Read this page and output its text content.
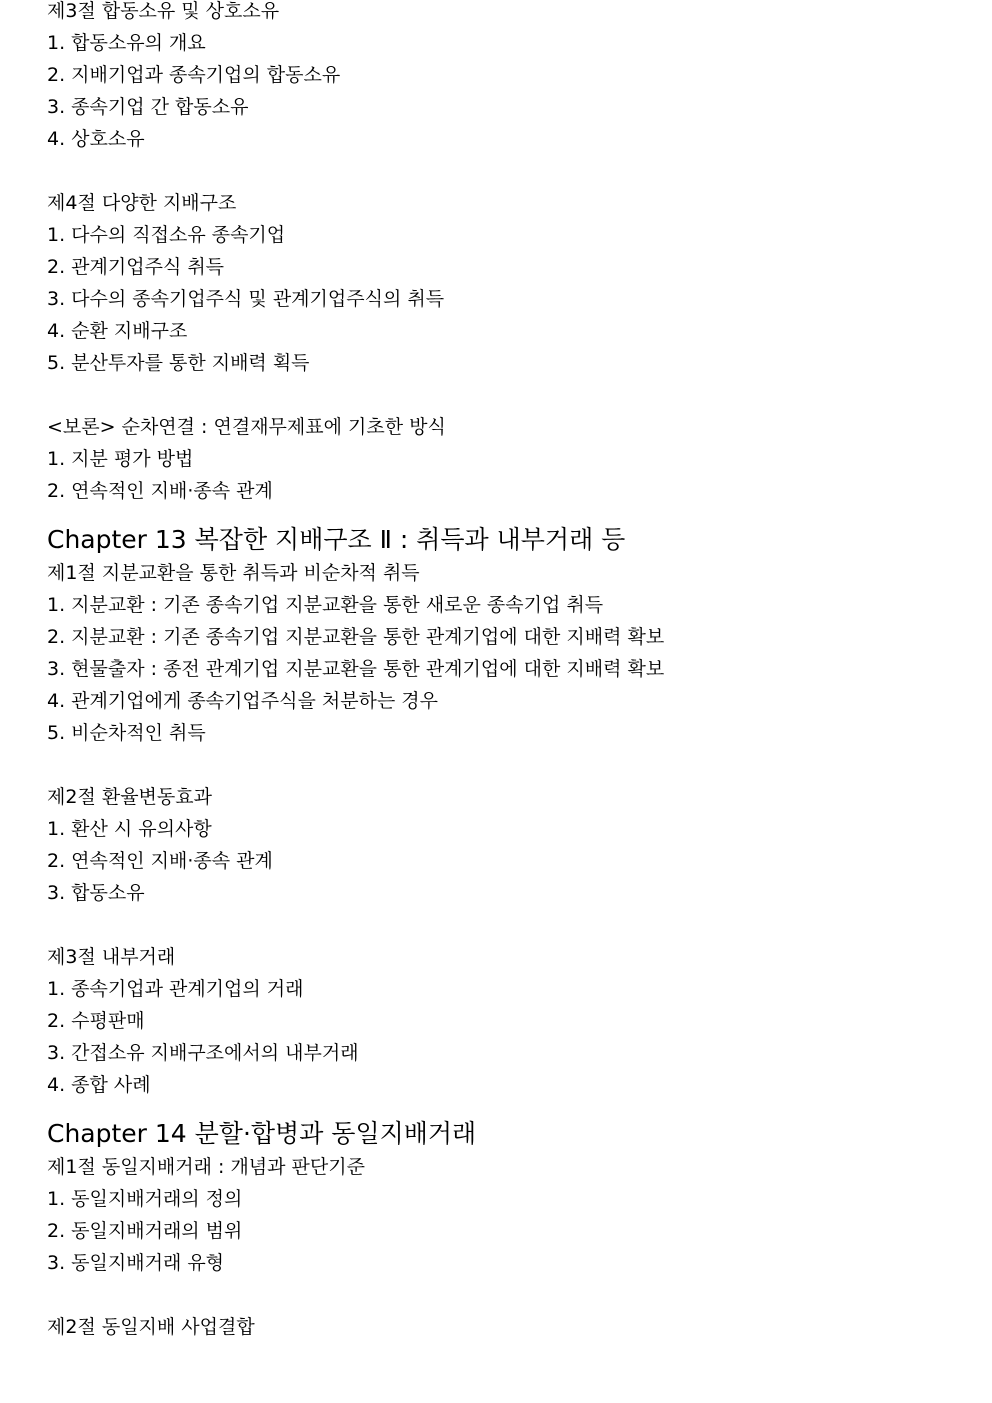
제3절 합동소유 및 상호소유
1. 합동소유의 개요
2. 지배기업과 종속기업의 합동소유
3. 종속기업 간 합동소유
4. 상호소유
제4절 다양한 지배구조
1. 다수의 직접소유 종속기업
2. 관계기업주식 취득
3. 다수의 종속기업주식 및 관계기업주식의 취득
4. 순환 지배구조
5. 분산투자를 통한 지배력 획득
<보론> 순차연결 : 연결재무제표에 기초한 방식
1. 지분 평가 방법
2. 연속적인 지배·종속 관계
Chapter 13 복잡한 지배구조 Ⅱ : 취득과 내부거래 등
제1절 지분교환을 통한 취득과 비순차적 취득
1. 지분교환 : 기존 종속기업 지분교환을 통한 새로운 종속기업 취득
2. 지분교환 : 기존 종속기업 지분교환을 통한 관계기업에 대한 지배력 확보
3. 현물출자 : 종전 관계기업 지분교환을 통한 관계기업에 대한 지배력 확보
4. 관계기업에게 종속기업주식을 처분하는 경우
5. 비순차적인 취득
제2절 환율변동효과
1. 환산 시 유의사항
2. 연속적인 지배·종속 관계
3. 합동소유
제3절 내부거래
1. 종속기업과 관계기업의 거래
2. 수평판매
3. 간접소유 지배구조에서의 내부거래
4. 종합 사례
Chapter 14 분할·합병과 동일지배거래
제1절 동일지배거래 : 개념과 판단기준
1. 동일지배거래의 정의
2. 동일지배거래의 범위
3. 동일지배거래 유형
제2절 동일지배 사업결합
